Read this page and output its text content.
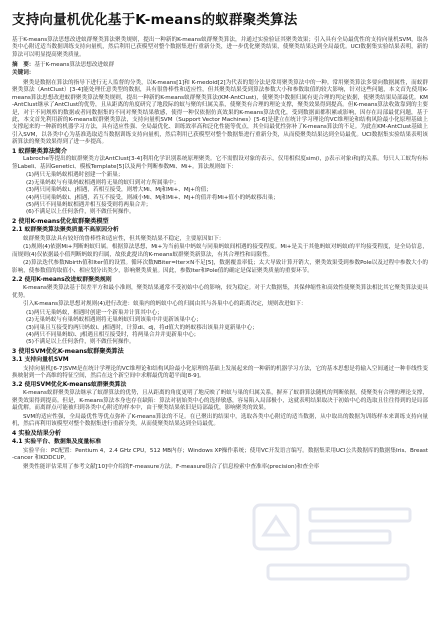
支持向量机优化基于K-means的蚁群聚类算法
基于K-means算法思想改进蚁群聚类算法聚类规则，提出一种新的K-means蚁群聚类算法，并通过实验验证其聚类效果；引入具有全局最优性的支持向量机SVM，取各类中心附近适当数据训练支持向量机，然后利用已获模型对整个数据集进行重新分类，进一步优化聚类结果，使聚类结果达到全局最优。UCI数据集实验结果表明，新的算法可以明显提高聚类质量。
摘　要：基于K-means算法思想改进蚁群
关键词：
聚类是数据在算法的指导下进行无人监督的分类，以K-means[1]和 K-medoid[2]为代表的划分法是常用聚类算法中的一种。常用聚类算法多要向数据属性，而蚁群聚类算法（AntClust）[3-4]能处理任意类型的数据，具有很鲁棒性和适应性，但其聚类结果受到算法参数大小和参数取值的较大影响，针对这些问题，本文首先使用K-means算法思想改进蚁群聚类算法聚类规则，提出一种新的K-means蚁群聚类算法(KM-AntClust)，使聚类中数据归属有更合理的判定依据，使聚类结果局部最优。KM-AntClust继承了AntClust的优势，且从距离的角度研究了地段际的蚁与聚的归属关系，使聚类有合理的理论支撑，聚类效果得到提高。但K-means算法收敛靠到的主要是，对于不同规格的数据或者同数据集的不同对聚类结果敏感，使得一种仅依据仿真效果的K-means算法优化，受到数据面都积累或影响，因存在局部最优问题，基于此，本文首先利用新的K-means蚁群聚类算法，支持向量机SVM（Support Vector Machines）[5-6]是建立在统计学习理论的VC维理论和结构风险最小化原理基础上支撑起来的一种新的机器学习方法，具有适应性强、全局最优化、训练效率高和泛化性能等优点，其全局最优性弥补了K-means算法的不足。为此在KM-AntClust基础上引入SVM，以各类中心为基准选取适当数据训练支持向量机，然后利用已获模型对整个数据集进行重新分类，从而使聚类结果达到全局最优。UCI数据集实验结果表明该新算法的聚类效果得到了进一步提高。
1 蚁群聚类算法简介
Labroche等提出的蚁群聚类方法AntClust[3-4]利用化学识别系统原理聚类。它不需假设对象的表示，仅用相似度sim(i，j)表示对象i和j的关系。每只人工蚁均有标签Labeli、基因Genetici、模板Template[5]以及两个判断参数Mi、Mi+。算法规则如下：
(1)两只无巢蚂蚁相遇时创建一个新巢；
(2)无巢蚂蚁与有巢蚂蚁相遇则将无巢的蚁归到对方所属巢中；
(3)两只同巢蚂蚁i、j相遇，若相互接受，则增大Mi、Mj和Mi+、Mj+的值；
(4)两只同巢蚂蚁i、j相遇，若互不接受，则减小Mi、Mj和Mi+、Mj+的值并将Mi+值小的蚂蚁移出巢；
(5)两只不同巢蚂蚁相遇并相互接受则将两巢合并；
(6)不满足以上任何条件，则不做任何操作。
2 使用K-means优化蚁群聚类模型
2.1 蚁群聚类算法聚类质量不高原因分析
蚁群聚类算法具有较好的鲁棒性和适应性，但其聚类结果不稳定，主要原因如下：
(1)规则(4)依据Mi+判断蚂蚁归属。根据算法思想，Mi+为当前巢中蚂蚁与同巢蚂蚁间相遇的接受程度。Mi+是关于其他蚂蚁对蚂蚁i的平均接受程度，是全局信息，而规则(4)仅依据最小值判断蚂蚁的归属，故依此提出的K-means蚁群聚类新算法，有其合理性和局限性。
(2)算法迭代参数Nbirth值和Iter值的设置。循环次数NBiter=Iter×N不足[5]，数据覆盖率低；太大导致计算开销大，聚类效果受到参数Pole以及过程中参数大小的影响，使参数值的取值小、相应划分出类少，影响聚类质量。因此，参数Iter和Pole值的确定是保证聚类质量的重要环节。
2.2 使用K-means改进蚁群聚类规则
K-means聚类算法基于误差平方和最小准则，聚类结果通常不受初始中心的影响，较为稳定。对于大数据集，其保伸缩性和高效性使聚类算法相比其它聚类算法更具优势。
引入K-means算法思想对规则(4)进行改进：蚁巢内的蚂蚁中心的归属由其与各巢中心的距离决定，规则改进如下：
(1)两只无巢蚂蚁，相遇时创建一个新巢并计算其中心；
(2)无巢蚂蚁与有巢蚂蚁相遇则将无巢蚂蚁归到该巢中并更新该巢中心；
(3)同巢且互接受的两只蚂蚁i、j相遇时，计算di、dj，将d值大的蚂蚁移出该巢并更新巢中心；
(4)两只不同巢蚂蚁i、j相遇且相互接受时，将两巢合并并更新巢中心；
(5)不满足以上任何条件，则不做任何操作。
3 使用SVM优化K-means蚁群聚类算法
3.1 支持向量机SVM
支持向量机[6-7]SVM是在统计学理论的VC维理论和结构风险最小化原理的基础上发展起来的一种新的机器学习方法，它的基本思想是将输入空间通过一种非线性变换映射到一个高维的特征空间，然后在这个新空间中求解最优的超平面[8-9]。
3.2 使用SVM优化K-means蚁群聚类算法
K-means蚁群聚类算法继承了蚁群算法的优势，且从距离的角度更明了地反映了蚂蚁与巢的归属关系，摒弃了蚁群算法随机的判断依据，使聚类有合理的理论支撑，聚类效果得到提高。但是，K-means算法本身也存在缺陷：算法对初始类中心的选择敏感，容易陷入局部极小，这就表明结果取决于初始中心的选取且往往得到的是局部最优解。而离群点可能被归到各类中心附近的样本中，由于聚类结果依旧是局部最优，影响聚类的效果。
SVM的适应性强，全局最优性等优点弥补了K-means算法的不足。在已聚出的结果中，选取各类中心附近的适当数据，从中取出的数据为训练样本来训练支持向量机，然后再利用该模型对整个数据集进行重新分类，从而使聚类结果达到全局最优。
4 实验及结果分析
4.1 实验平台、数据集及度量标准
实验平台：PC配置：Pentium 4，2.4 GHz CPU，512 MB内存；Windows XP操作系统；使用VC开发语言编写。数据集采用UCI公共数据库的数据集Iris、Breast-cancer 和KDDCUP。
聚类性能评估采用了参考文献[10]中介绍的F-measure方法。F-measure组合了信息检索中查准率(precision)和查全率
